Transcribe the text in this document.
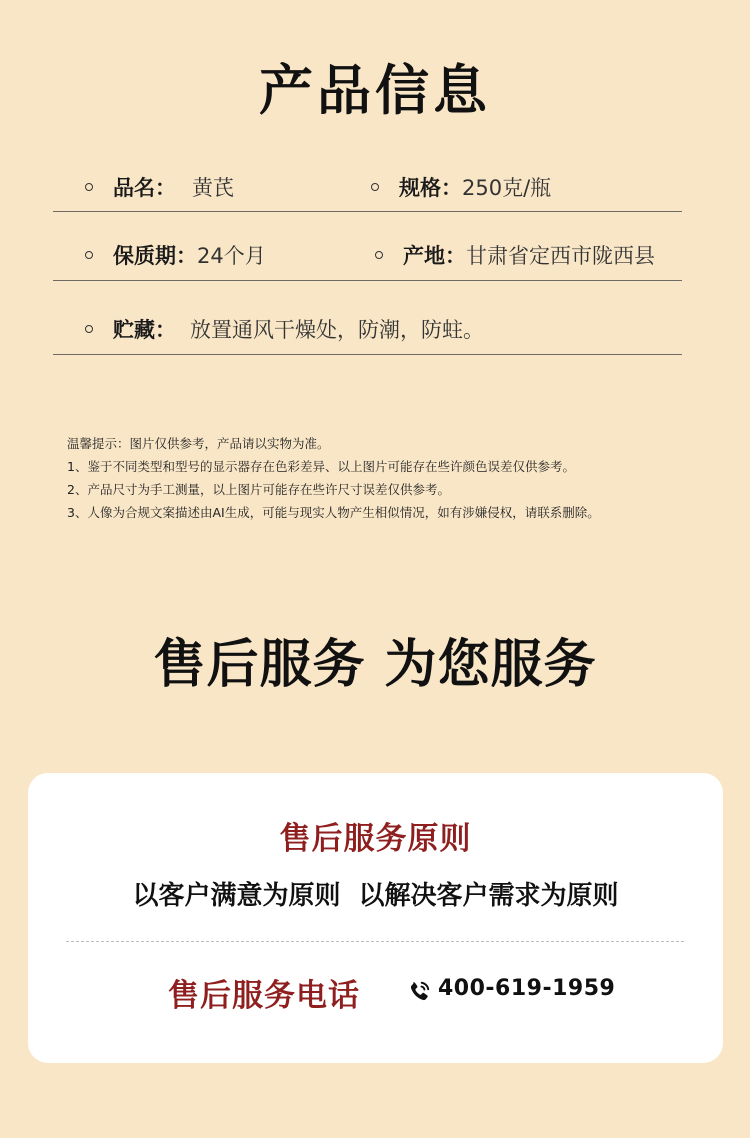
产品信息
品名： 黄芪	规格： 250克/瓶
保质期： 24个月	产地： 甘肃省定西市陇西县
贮藏： 放置通风干燥处，防潮，防蛀。
温馨提示：图片仅供参考，产品请以实物为准。
1、鉴于不同类型和型号的显示器存在色彩差异、以上图片可能存在些许颜色误差仅供参考。
2、产品尺寸为手工测量，以上图片可能存在些许尺寸误差仅供参考。
3、人像为合规文案描述由AI生成，可能与现实人物产生相似情况，如有涉嫌侵权，请联系删除。
售后服务 为您服务
售后服务原则
以客户满意为原则  以解决客户需求为原则
售后服务电话	400-619-1959
